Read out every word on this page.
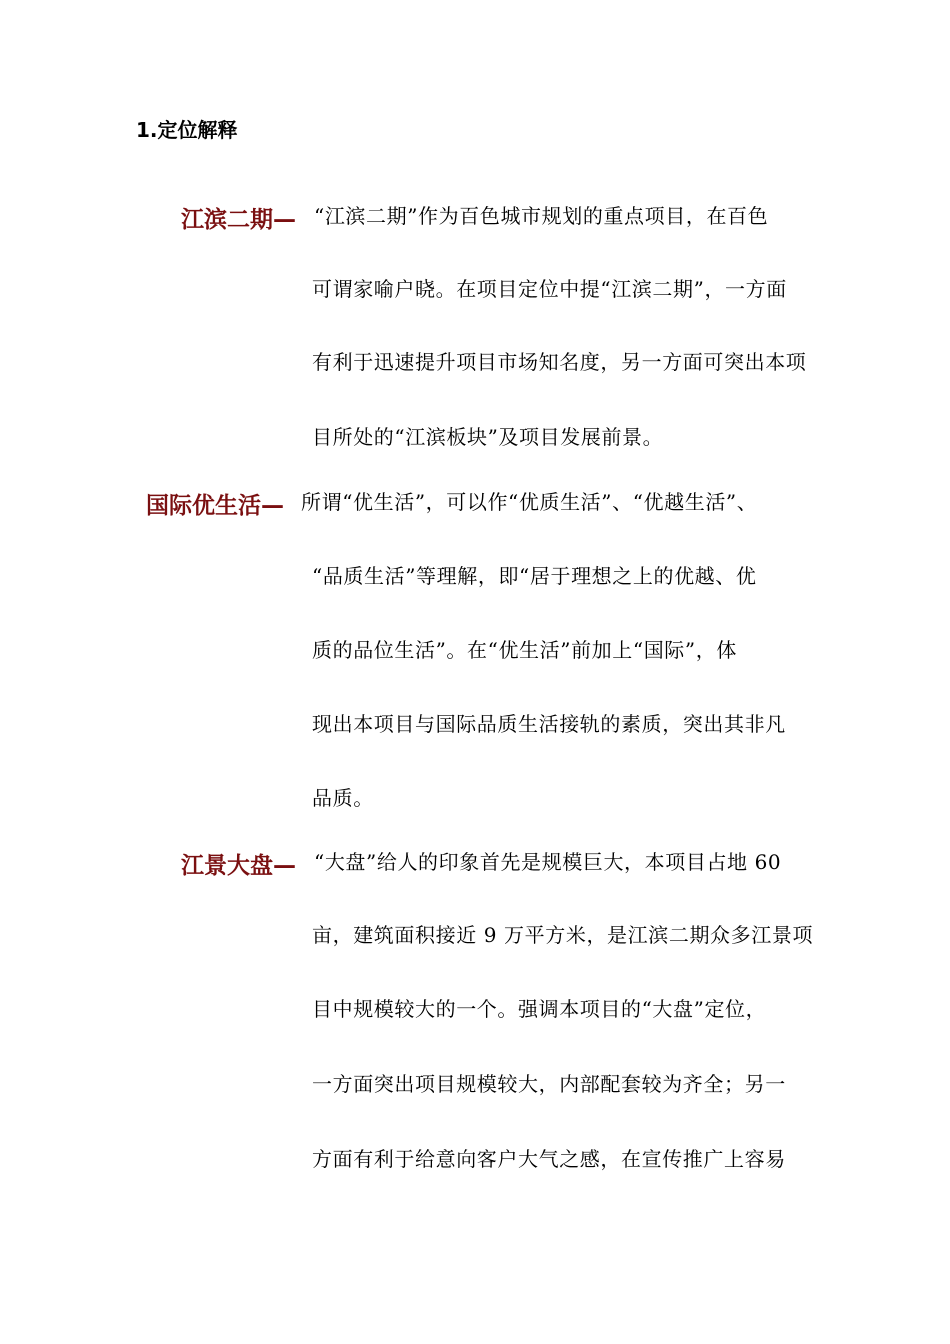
1.定位解释
江滨二期— “江滨二期”作为百色城市规划的重点项目，在百色
可谓家喻户晓。在项目定位中提“江滨二期”，一方面
有利于迅速提升项目市场知名度，另一方面可突出本项
目所处的“江滨板块”及项目发展前景。
国际优生活— 所谓“优生活”，可以作“优质生活”、“优越生活”、
“品质生活”等理解，即“居于理想之上的优越、优
质的品位生活”。在“优生活”前加上“国际”，体
现出本项目与国际品质生活接轨的素质，突出其非凡
品质。
江景大盘— “大盘”给人的印象首先是规模巨大，本项目占地 60
亩，建筑面积接近 9 万平方米，是江滨二期众多江景项
目中规模较大的一个。强调本项目的“大盘”定位，
一方面突出项目规模较大，内部配套较为齐全；另一
方面有利于给意向客户大气之感，在宣传推广上容易
